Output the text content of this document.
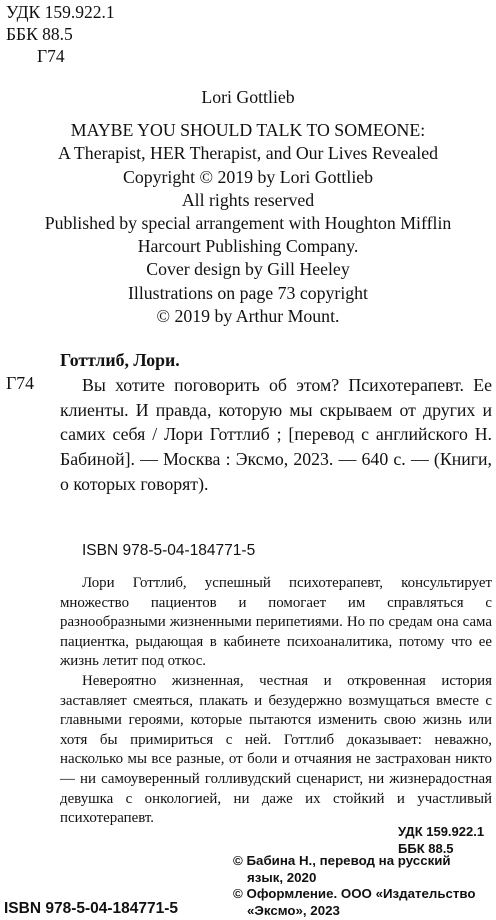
УДК 159.922.1
ББК 88.5
Г74
Lori Gottlieb
MAYBE YOU SHOULD TALK TO SOMEONE:
A Therapist, HER Therapist, and Our Lives Revealed
Copyright © 2019 by Lori Gottlieb
All rights reserved
Published by special arrangement with Houghton Mifflin
Harcourt Publishing Company.
Cover design by Gill Heeley
Illustrations on page 73 copyright
© 2019 by Arthur Mount.
Г74
Готтлиб, Лори.
Вы хотите поговорить об этом? Психотерапевт. Ее клиенты. И правда, которую мы скрываем от других и самих себя / Лори Готтлиб ; [перевод с английского Н. Бабиной]. — Москва : Эксмо, 2023. — 640 с. — (Книги, о которых говорят).
ISBN 978-5-04-184771-5

Лори Готтлиб, успешный психотерапевт, консультирует множество пациентов и помогает им справляться с разнообразными жизненными перипетиями. Но по средам она сама пациентка, рыдающая в кабинете психоаналитика, потому что ее жизнь летит под откос.

Невероятно жизненная, честная и откровенная история заставляет смеяться, плакать и безудержно возмущаться вместе с главными героями, которые пытаются изменить свою жизнь или хотя бы примириться с ней. Готтлиб доказывает: неважно, насколько мы все разные, от боли и отчаяния не застрахован никто — ни самоуверенный голливудский сценарист, ни жизнерадостная девушка с онкологией, ни даже их стойкий и участливый психотерапевт.

УДК 159.922.1
ББК 88.5
© Бабина Н., перевод на русский
язык, 2020
© Оформление. ООО «Издательство
«Эксмо», 2023
ISBN 978-5-04-184771-5
